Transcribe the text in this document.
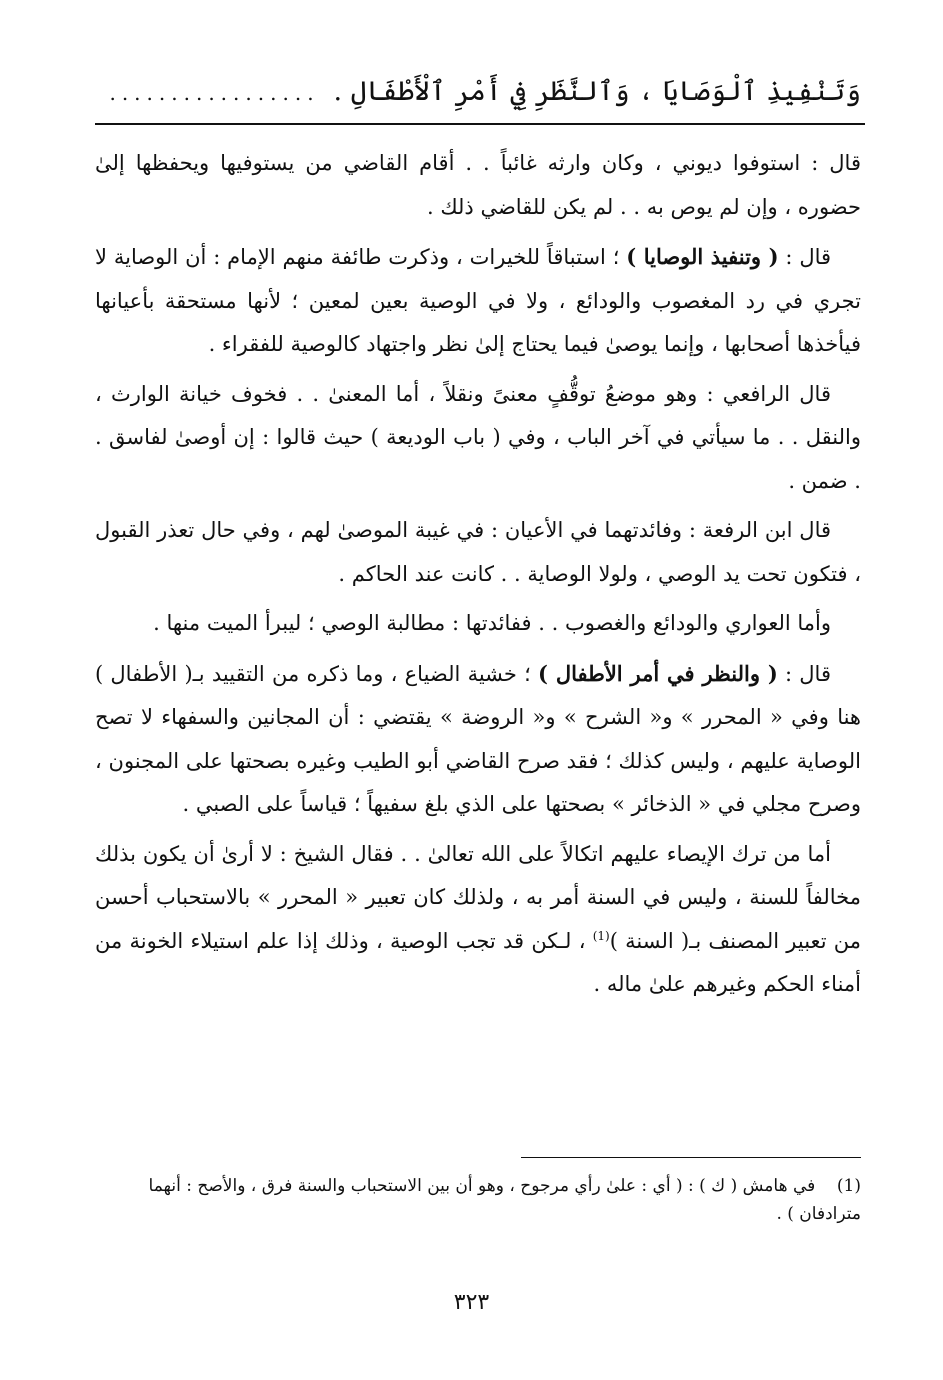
وَتَنْفِيذِ ٱلْوَصَايَا ، وَٱلنَّظَرِ فِي أَمْرِ ٱلْأَطْفَالِ .
.................

قال : استوفوا ديوني ، وكان وارثه غائباً . . أقام القاضي من يستوفيها ويحفظها إلىٰ حضوره ، وإن لم يوص به . . لم يكن للقاضي ذلك .

قال : ( وتنفيذ الوصايا ) ؛ استباقاً للخيرات ، وذكرت طائفة منهم الإمام : أن الوصاية لا تجري في رد المغصوب والودائع ، ولا في الوصية بعين لمعين ؛ لأنها مستحقة بأعيانها فيأخذها أصحابها ، وإنما يوصىٰ فيما يحتاج إلىٰ نظر واجتهاد كالوصية للفقراء .

قال الرافعي : وهو موضعُ توقُّفٍ معنىً ونقلاً ، أما المعنىٰ . . فخوف خيانة الوارث ، والنقل . . ما سيأتي في آخر الباب ، وفي ( باب الوديعة ) حيث قالوا : إن أوصىٰ لفاسق . . ضمن .

قال ابن الرفعة : وفائدتهما في الأعيان : في غيبة الموصىٰ لهم ، وفي حال تعذر القبول ، فتكون تحت يد الوصي ، ولولا الوصاية . . كانت عند الحاكم .

وأما العواري والودائع والغصوب . . ففائدتها : مطالبة الوصي ؛ ليبرأ الميت منها .

قال : ( والنظر في أمر الأطفال ) ؛ خشية الضياع ، وما ذكره من التقييد بـ( الأطفال ) هنا وفي « المحرر » و« الشرح » و« الروضة » يقتضي : أن المجانين والسفهاء لا تصح الوصاية عليهم ، وليس كذلك ؛ فقد صرح القاضي أبو الطيب وغيره بصحتها على المجنون ، وصرح مجلي في « الذخائر » بصحتها على الذي بلغ سفيهاً ؛ قياساً على الصبي .

أما من ترك الإيصاء عليهم اتكالاً على الله تعالىٰ . . فقال الشيخ : لا أرىٰ أن يكون بذلك مخالفاً للسنة ، وليس في السنة أمر به ، ولذلك كان تعبير « المحرر » بالاستحباب أحسن من تعبير المصنف بـ( السنة )$^{(1)}$ ، لـكن قد تجب الوصية ، وذلك إذا علم استيلاء الخونة من أمناء الحكم وغيرهم علىٰ ماله .

(1)    في هامش ( ك ) : ( أي : علىٰ رأي مرجوح ، وهو أن بين الاستحباب والسنة فرق ، والأصح : أنهما مترادفان ) .
٣٢٣
